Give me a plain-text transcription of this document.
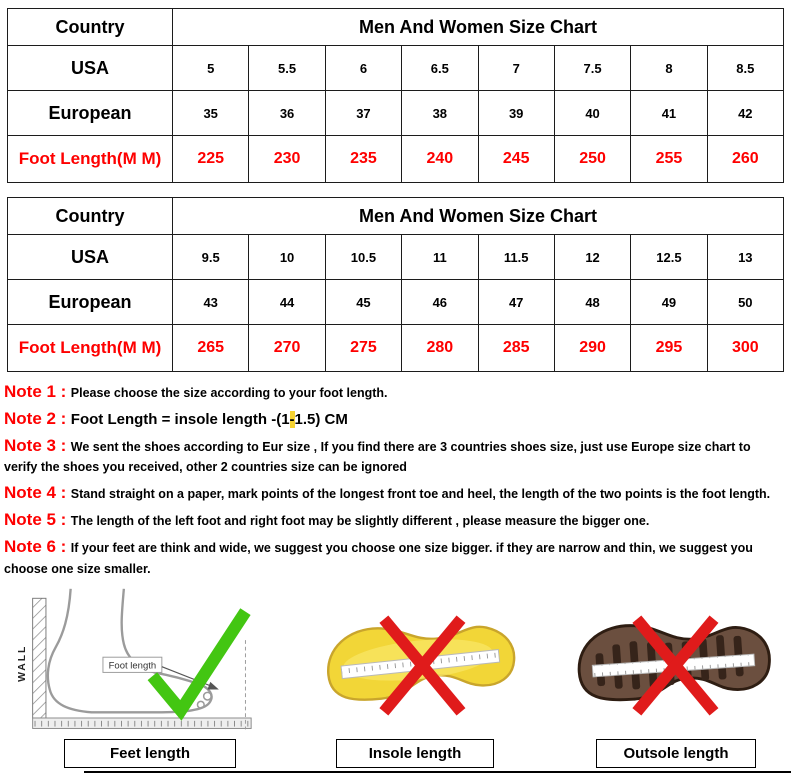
Country	Men And Women Size Chart							
USA	5	5.5	6	6.5	7	7.5	8	8.5
European	35	36	37	38	39	40	41	42
Foot Length(M M)	225	230	235	240	245	250	255	260
Country	Men And Women Size Chart							
USA	9.5	10	10.5	11	11.5	12	12.5	13
European	43	44	45	46	47	48	49	50
Foot Length(M M)	265	270	275	280	285	290	295	300
Note 1 : Please choose the size according to your foot length.
Note 2 : Foot Length = insole length -(1-1.5) CM
Note 3 : We sent the shoes according to Eur size , If you find there are 3 countries shoes size, just use Europe size chart to verify the shoes you received, other 2 countries size can be ignored
Note 4 : Stand straight on a paper, mark points of the longest front toe and heel, the length of the two points is the foot length.
Note 5 : The length of the left foot and right foot may be slightly different , please measure the bigger one.
Note 6 : If your feet are think and wide, we suggest you choose one size bigger. if they are narrow and thin, we suggest you choose one size smaller.
WALL	Foot length
Feet length	Insole length	Outsole length
